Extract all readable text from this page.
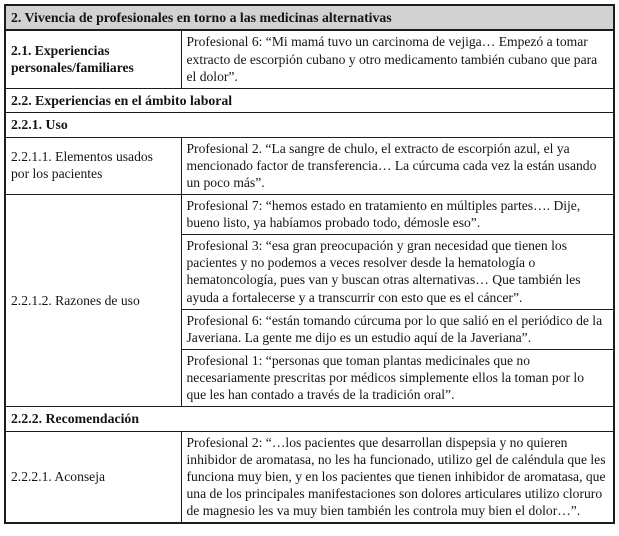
2. Vivencia de profesionales en torno a las medicinas alternativas	
2.1. Experiencias personales/familiares	Profesional 6: “Mi mamá tuvo un carcinoma de vejiga… Empezó a tomar extracto de escorpión cubano y otro medicamento también cubano que para el dolor”.
2.2. Experiencias en el ámbito laboral	
2.2.1. Uso	
2.2.1.1. Elementos usados por los pacientes	Profesional 2. “La sangre de chulo, el extracto de escorpión azul, el ya mencionado factor de transferencia… La cúrcuma cada vez la están usando un poco más”.
2.2.1.2. Razones de uso	Profesional 7: “hemos estado en tratamiento en múltiples partes…. Dije, bueno listo, ya habíamos probado todo, démosle eso”.
	Profesional 3: “esa gran preocupación y gran necesidad que tienen los pacientes y no podemos a veces resolver desde la hematología o hematoncología, pues van y buscan otras alternativas… Que también les ayuda a fortalecerse y a transcurrir con esto que es el cáncer”.
	Profesional 6: “están tomando cúrcuma por lo que salió en el periódico de la Javeriana. La gente me dijo es un estudio aquí de la Javeriana”.
	Profesional 1: “personas que toman plantas medicinales que no necesariamente prescritas por médicos simplemente ellos la toman por lo que les han contado a través de la tradición oral”.
2.2.2. Recomendación	
2.2.2.1. Aconseja	Profesional 2: “…los pacientes que desarrollan dispepsia y no quieren inhibidor de aromatasa, no les ha funcionado, utilizo gel de caléndula que les funciona muy bien, y en los pacientes que tienen inhibidor de aromatasa, que una de los principales manifestaciones son dolores articulares utilizo cloruro de magnesio les va muy bien también les controla muy bien el dolor…”.
